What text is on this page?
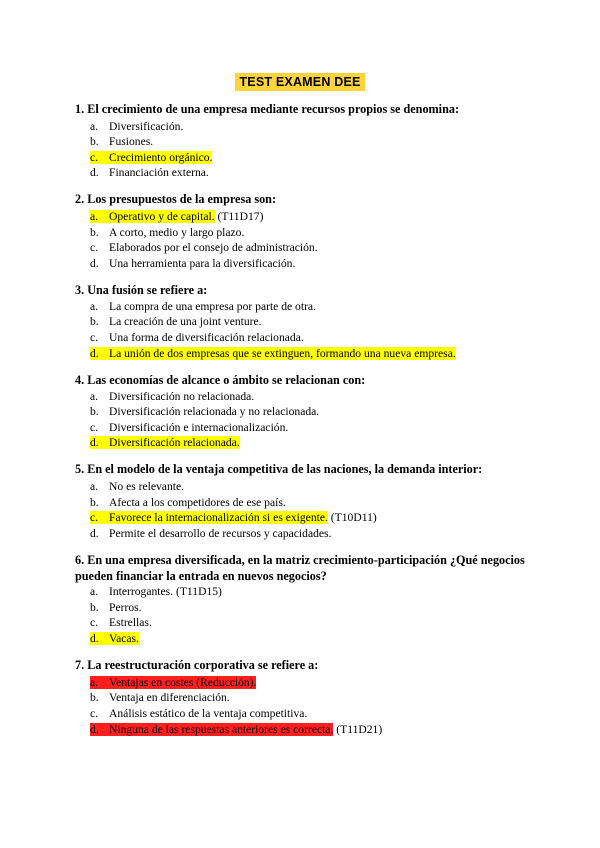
TEST EXAMEN DEE
1. El crecimiento de una empresa mediante recursos propios se denomina:
a. Diversificación.
b. Fusiones.
c. Crecimiento orgánico.
d. Financiación externa.
2. Los presupuestos de la empresa son:
a. Operativo y de capital. (T11D17)
b. A corto, medio y largo plazo.
c. Elaborados por el consejo de administración.
d. Una herramienta para la diversificación.
3. Una fusión se refiere a:
a. La compra de una empresa por parte de otra.
b. La creación de una joint venture.
c. Una forma de diversificación relacionada.
d. La unión de dos empresas que se extinguen, formando una nueva empresa.
4. Las economías de alcance o ámbito se relacionan con:
a. Diversificación no relacionada.
b. Diversificación relacionada y no relacionada.
c. Diversificación e internacionalización.
d. Diversificación relacionada.
5. En el modelo de la ventaja competitiva de las naciones, la demanda interior:
a. No es relevante.
b. Afecta a los competidores de ese país.
c. Favorece la internacionalización si es exigente. (T10D11)
d. Permite el desarrollo de recursos y capacidades.
6. En una empresa diversificada, en la matriz crecimiento-participación ¿Qué negocios
pueden financiar la entrada en nuevos negocios?
a. Interrogantes. (T11D15)
b. Perros.
c. Estrellas.
d. Vacas.
7. La reestructuración corporativa se refiere a:
a. Ventajas en costes (Reducción).
b. Ventaja en diferenciación.
c. Análisis estático de la ventaja competitiva.
d. Ninguna de las respuestas anteriores es correcta. (T11D21)
